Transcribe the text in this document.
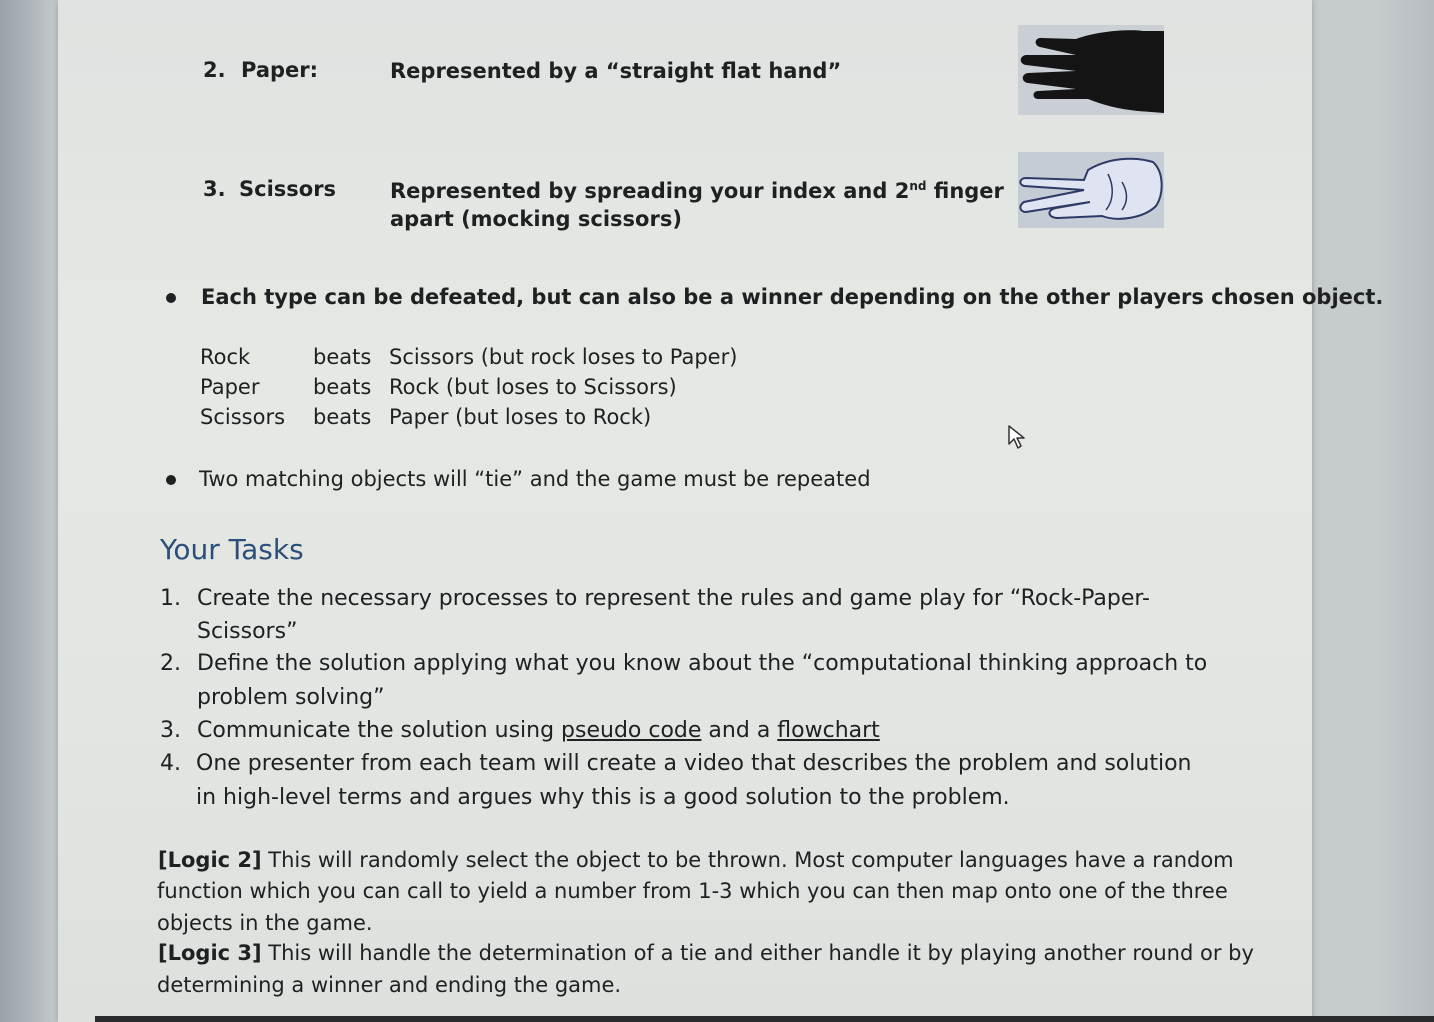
2. Paper:	Represented by a “straight flat hand”
3. Scissors	Represented by spreading your index and 2nd finger
apart (mocking scissors)
Each type can be defeated, but can also be a winner depending on the other players chosen object.
Rock	beats Scissors (but rock loses to Paper)
Paper	beats Rock (but loses to Scissors)
Scissors beats Paper (but loses to Rock)
Two matching objects will “tie” and the game must be repeated
Your Tasks
1. Create the necessary processes to represent the rules and game play for “Rock-Paper-
Scissors”
2. Define the solution applying what you know about the “computational thinking approach to
problem solving”
3. Communicate the solution using pseudo code and a flowchart
4. One presenter from each team will create a video that describes the problem and solution
in high-level terms and argues why this is a good solution to the problem.
[Logic 2] This will randomly select the object to be thrown. Most computer languages have a random
function which you can call to yield a number from 1-3 which you can then map onto one of the three
objects in the game.
[Logic 3] This will handle the determination of a tie and either handle it by playing another round or by
determining a winner and ending the game.
